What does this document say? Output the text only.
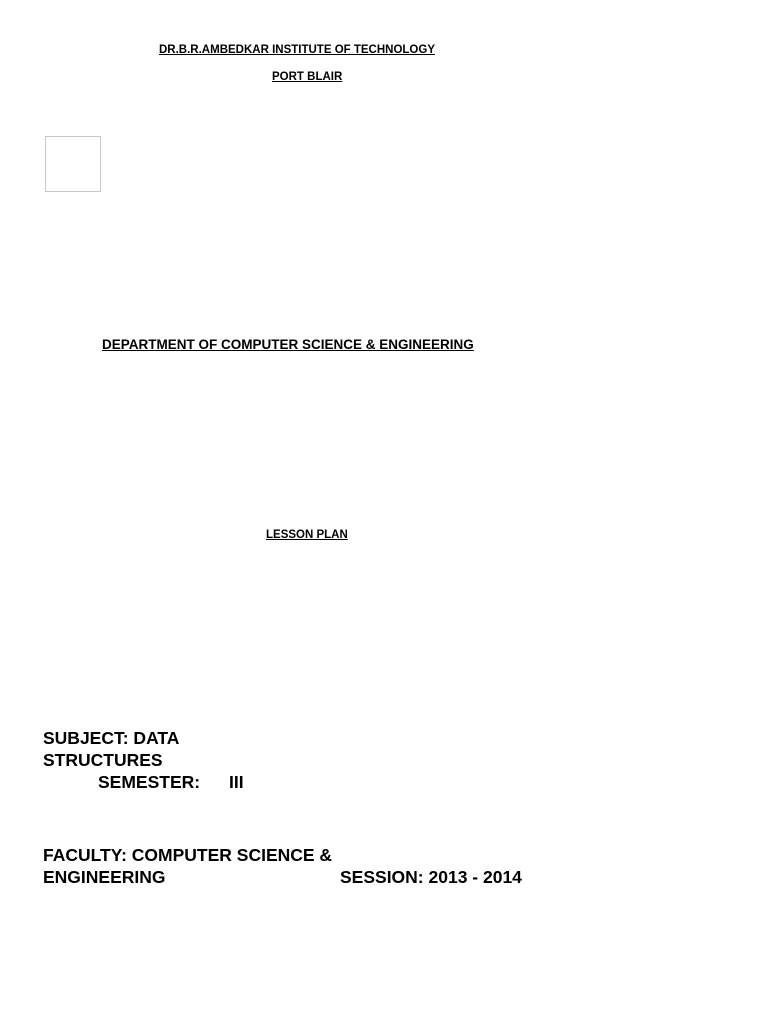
DR.B.R.AMBEDKAR INSTITUTE OF TECHNOLOGY
PORT BLAIR
DEPARTMENT OF COMPUTER SCIENCE & ENGINEERING
LESSON PLAN
SUBJECT: DATA
STRUCTURES
SEMESTER: III
FACULTY: COMPUTER SCIENCE &
ENGINEERING	SESSION: 2013 - 2014
